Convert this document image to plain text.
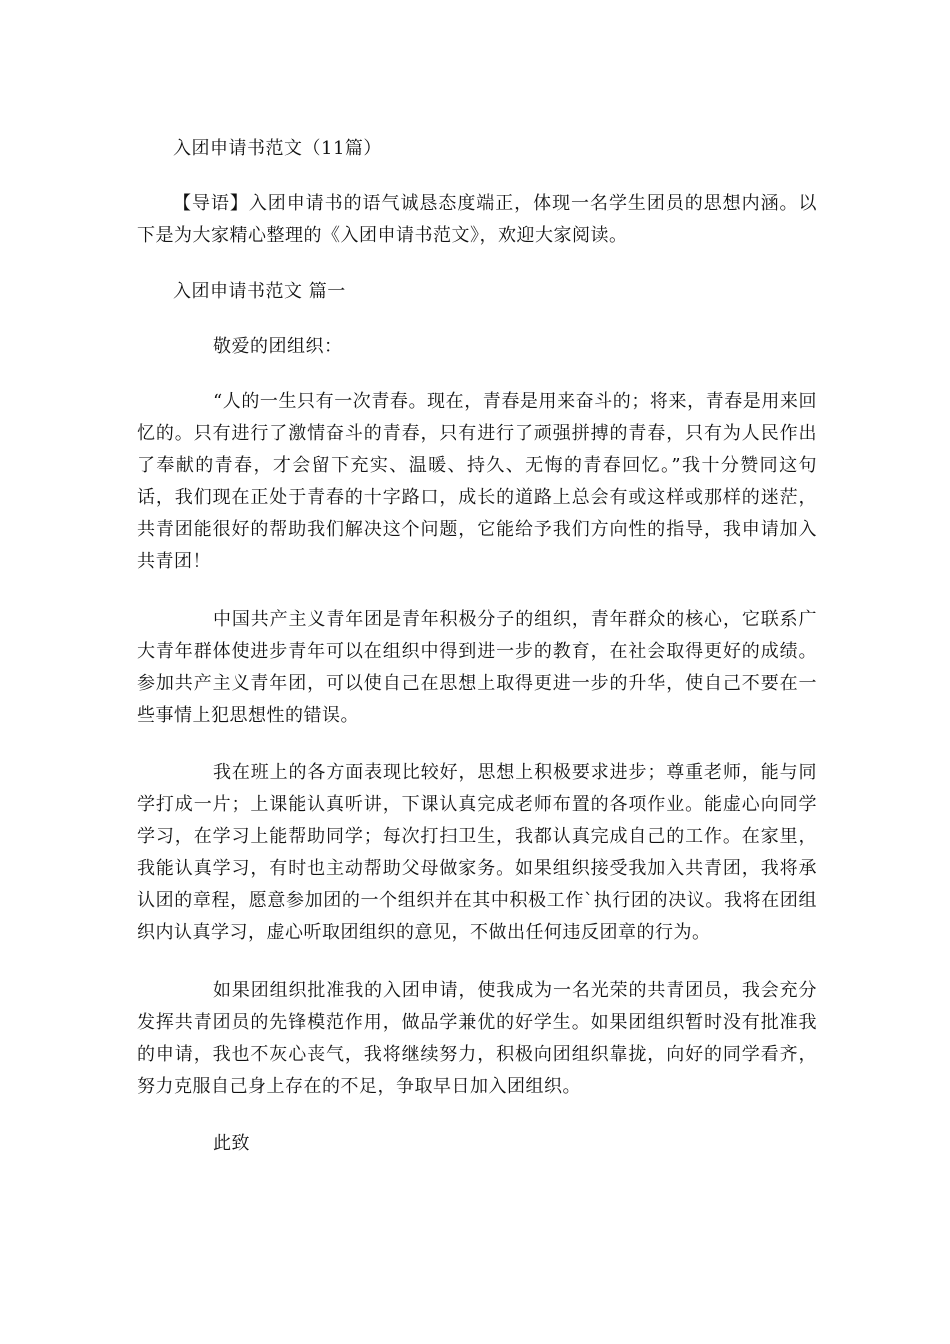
入团申请书范文（11篇）

【导语】入团申请书的语气诚恳态度端正，体现一名学生团员的思想内涵。以下是为大家精心整理的《入团申请书范文》，欢迎大家阅读。

入团申请书范文 篇一

敬爱的团组织：

“人的一生只有一次青春。现在，青春是用来奋斗的；将来，青春是用来回忆的。只有进行了激情奋斗的青春，只有进行了顽强拼搏的青春，只有为人民作出了奉献的青春，才会留下充实、温暖、持久、无悔的青春回忆。”我十分赞同这句话，我们现在正处于青春的十字路口，成长的道路上总会有或这样或那样的迷茫，共青团能很好的帮助我们解决这个问题，它能给予我们方向性的指导，我申请加入共青团！

中国共产主义青年团是青年积极分子的组织，青年群众的核心，它联系广大青年群体使进步青年可以在组织中得到进一步的教育，在社会取得更好的成绩。参加共产主义青年团，可以使自己在思想上取得更进一步的升华，使自己不要在一些事情上犯思想性的错误。

我在班上的各方面表现比较好，思想上积极要求进步；尊重老师，能与同学打成一片；上课能认真听讲，下课认真完成老师布置的各项作业。能虚心向同学学习，在学习上能帮助同学；每次打扫卫生，我都认真完成自己的工作。在家里，我能认真学习，有时也主动帮助父母做家务。如果组织接受我加入共青团，我将承认团的章程，愿意参加团的一个组织并在其中积极工作`执行团的决议。我将在团组织内认真学习，虚心听取团组织的意见，不做出任何违反团章的行为。

如果团组织批准我的入团申请，使我成为一名光荣的共青团员，我会充分发挥共青团员的先锋模范作用，做品学兼优的好学生。如果团组织暂时没有批准我的申请，我也不灰心丧气，我将继续努力，积极向团组织靠拢，向好的同学看齐，努力克服自己身上存在的不足，争取早日加入团组织。

此致
